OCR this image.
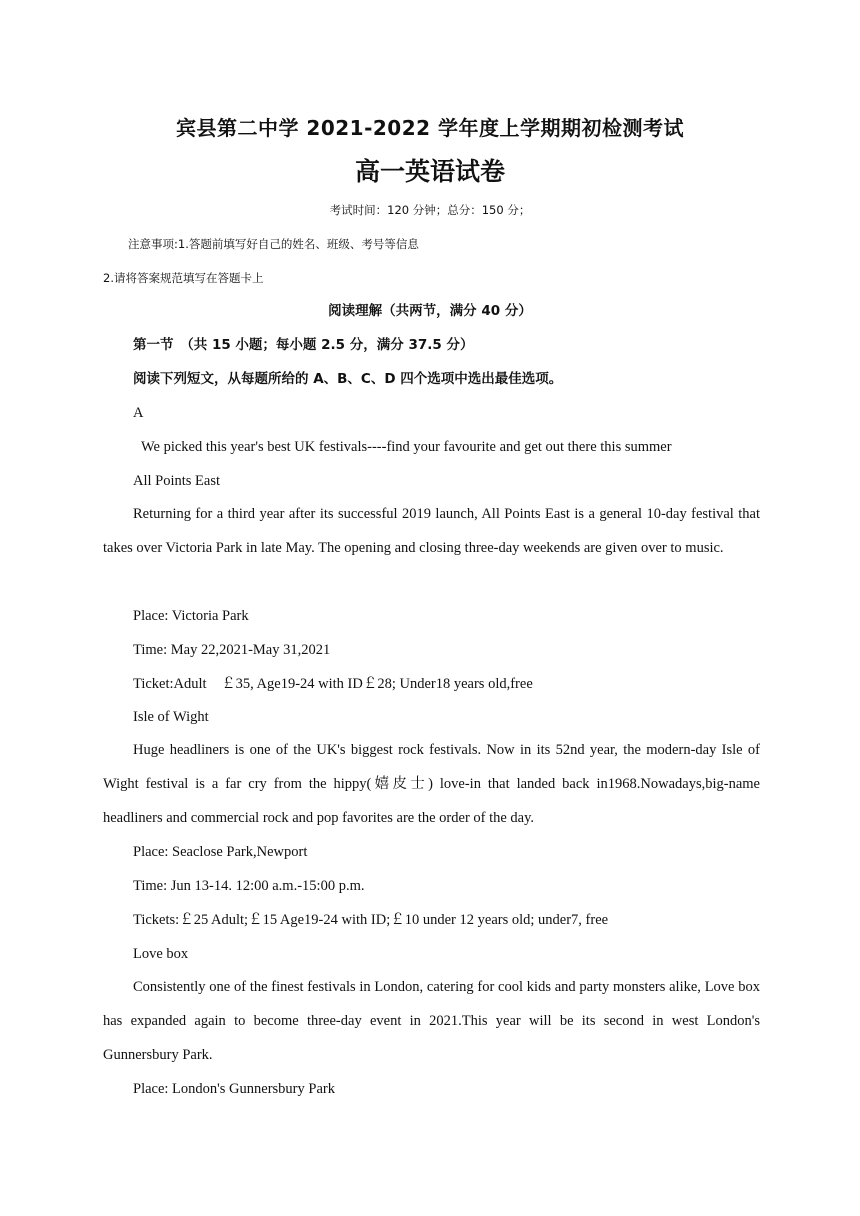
宾县第二中学 2021-2022 学年度上学期期初检测考试
高一英语试卷
考试时间：120 分钟；总分：150 分；
注意事项:1.答题前填写好自己的姓名、班级、考号等信息
2.请将答案规范填写在答题卡上
阅读理解（共两节，满分 40 分）
第一节　（共 15 小题；每小题 2.5 分，满分 37.5 分）
阅读下列短文，从每题所给的 A、B、C、D 四个选项中选出最佳选项。
A
We picked this year's best UK festivals----find your favourite and get out there this summer
All Points East
Returning for a third year after its successful 2019 launch, All Points East is a general 10-day festival that takes over Victoria Park in late May. The opening and closing three-day weekends are given over to music.
Place: Victoria Park
Time: May 22,2021-May 31,2021
Ticket:Adult　￡35, Age19-24 with ID￡28; Under18 years old,free
Isle of Wight
Huge headliners is one of the UK's biggest rock festivals. Now in its 52nd year, the modern-day Isle of Wight festival is a far cry from the hippy(嬉皮士) love-in that landed back in1968.Nowadays,big-name headliners and commercial rock and pop favorites are the order of the day.
Place: Seaclose Park,Newport
Time: Jun 13-14. 12:00 a.m.-15:00 p.m.
Tickets:￡25 Adult;￡15 Age19-24 with ID;￡10 under 12 years old; under7, free
Love box
Consistently one of the finest festivals in London, catering for cool kids and party monsters alike, Love box has expanded again to become three-day event in 2021.This year will be its second in west London's Gunnersbury Park.
Place: London's Gunnersbury Park
